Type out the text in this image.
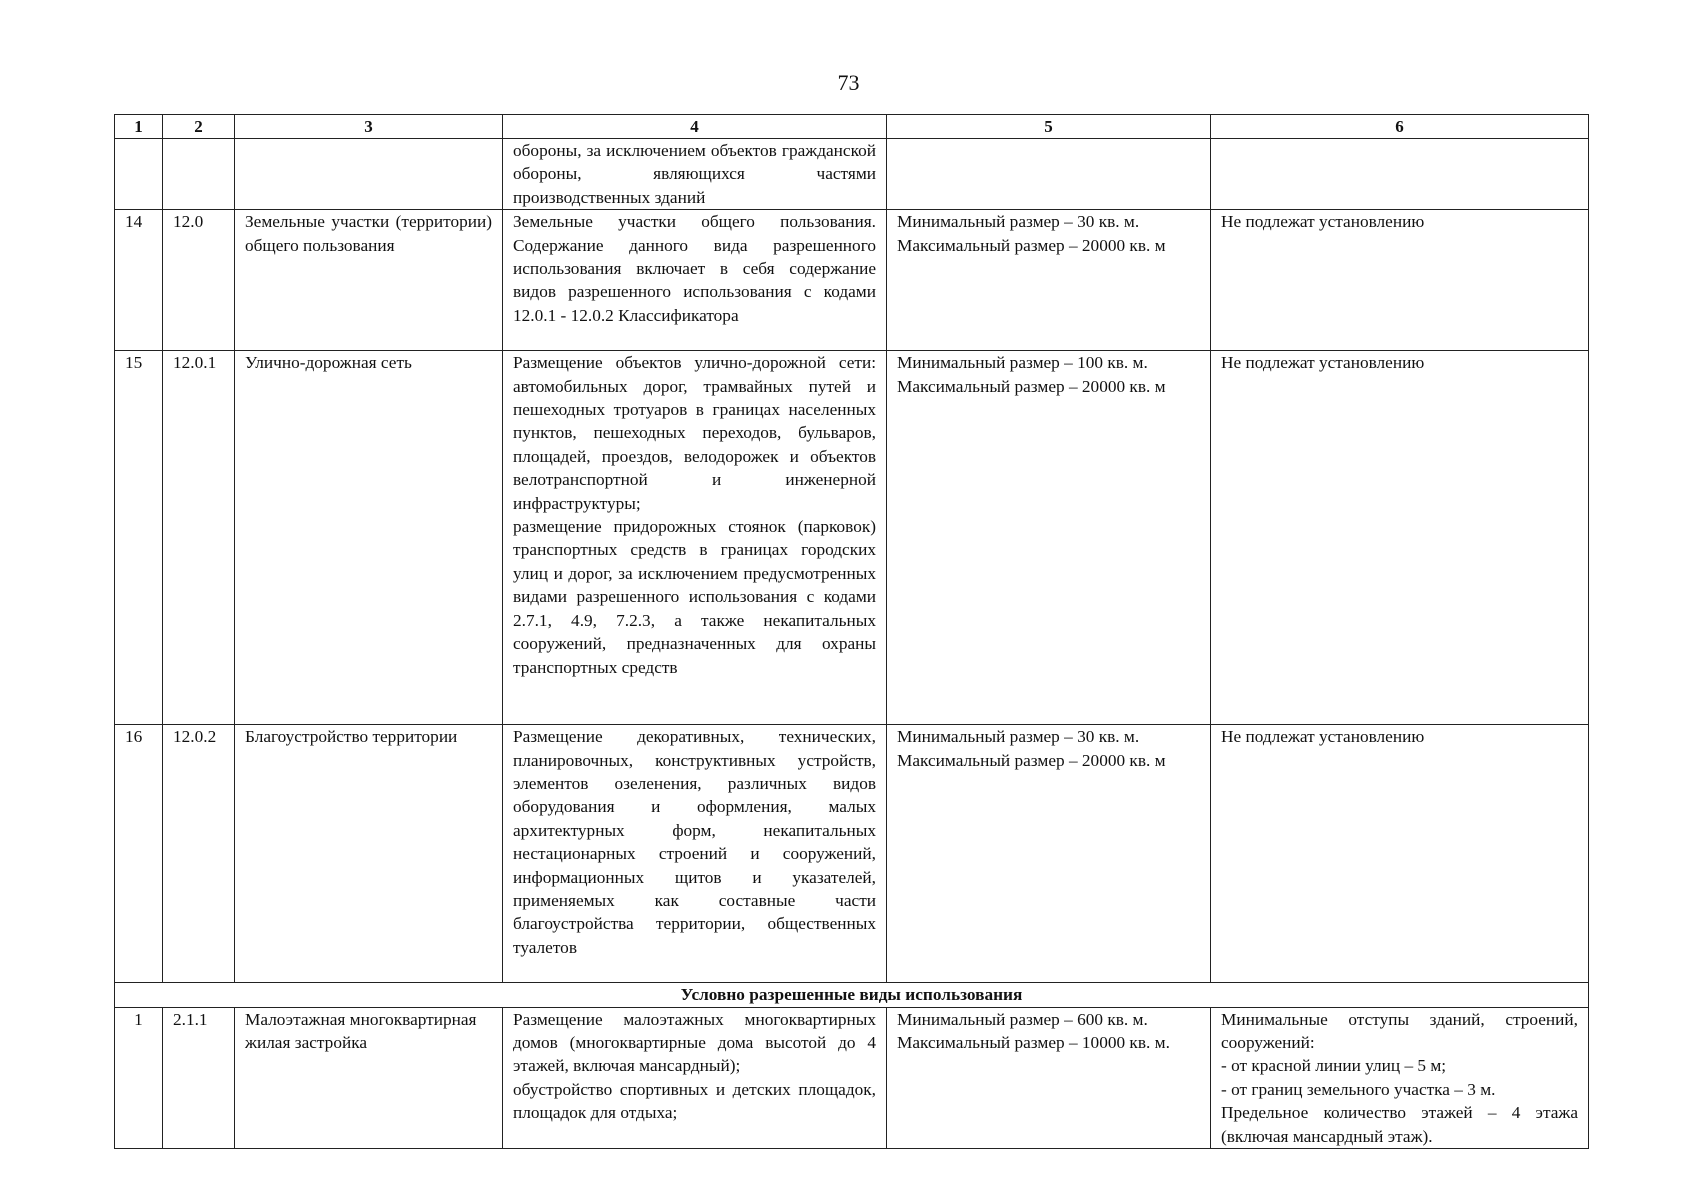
73
1	2	3	4	5	6

			обороны, за исключением объектов гражданской обороны, являющихся частями производственных зданий		

14	12.0	Земельные участки (территории) общего пользования	Земельные участки общего пользования. Содержание данного вида разрешенного использования включает в себя содержание видов разрешенного использования с кодами 12.0.1 - 12.0.2 Классификатора	Минимальный размер – 30 кв. м. Максимальный размер – 20000 кв. м	Не подлежат установлению
15	12.0.1	Улично-дорожная сеть	Размещение объектов улично-дорожной сети: автомобильных дорог, трамвайных путей и пешеходных тротуаров в границах населенных пунктов, пешеходных переходов, бульваров, площадей, проездов, велодорожек и объектов велотранспортной и инженерной инфраструктуры;
размещение придорожных стоянок (парковок) транспортных средств в границах городских улиц и дорог, за исключением предусмотренных видами разрешенного использования с кодами 2.7.1, 4.9, 7.2.3, а также некапитальных сооружений, предназначенных для охраны транспортных средств	Минимальный размер – 100 кв. м. Максимальный размер – 20000 кв. м	Не подлежат установлению
16	12.0.2	Благоустройство территории	Размещение декоративных, технических, планировочных, конструктивных устройств, элементов озеленения, различных видов оборудования и оформления, малых архитектурных форм, некапитальных нестационарных строений и сооружений, информационных щитов и указателей, применяемых как составные части благоустройства территории, общественных туалетов	Минимальный размер – 30 кв. м. Максимальный размер – 20000 кв. м	Не подлежат установлению
Условно разрешенные виды использования					
1	2.1.1	Малоэтажная многоквартирная жилая застройка	Размещение малоэтажных многоквартирных домов (многоквартирные дома высотой до 4 этажей, включая мансардный);
обустройство спортивных и детских площадок, площадок для отдыха;	Минимальный размер – 600 кв. м. Максимальный размер – 10000 кв. м.	Минимальные отступы зданий, строений, сооружений:
- от красной линии улиц – 5 м;
- от границ земельного участка – 3 м.
Предельное количество этажей – 4 этажа (включая мансардный этаж).
